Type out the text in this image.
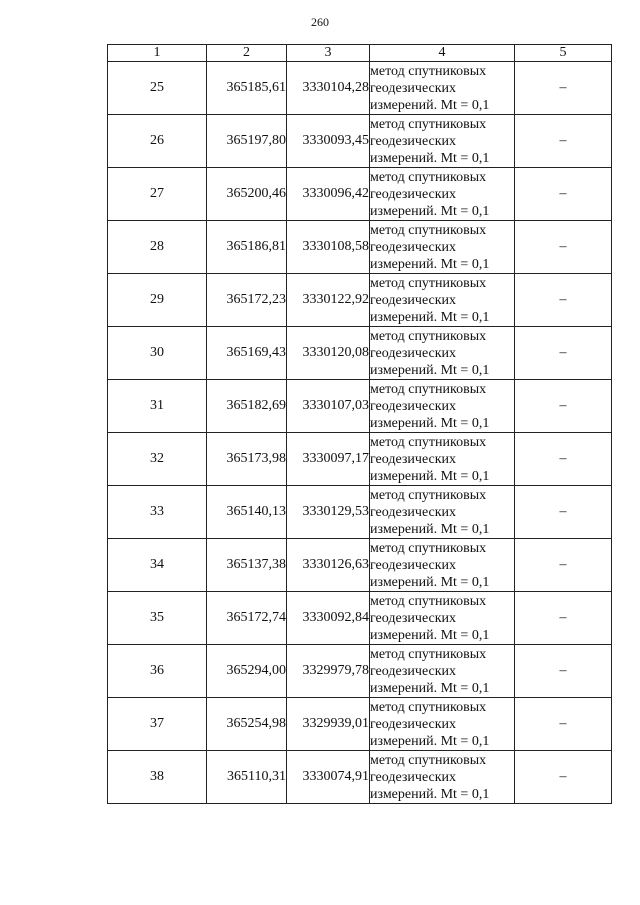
260
1	2	3	4	5
25	365185,61	3330104,28	метод спутниковых
геодезических
измерений. Mt = 0,1	–
26	365197,80	3330093,45	метод спутниковых
геодезических
измерений. Mt = 0,1	–
27	365200,46	3330096,42	метод спутниковых
геодезических
измерений. Mt = 0,1	–
28	365186,81	3330108,58	метод спутниковых
геодезических
измерений. Mt = 0,1	–
29	365172,23	3330122,92	метод спутниковых
геодезических
измерений. Mt = 0,1	–
30	365169,43	3330120,08	метод спутниковых
геодезических
измерений. Mt = 0,1	–
31	365182,69	3330107,03	метод спутниковых
геодезических
измерений. Mt = 0,1	–
32	365173,98	3330097,17	метод спутниковых
геодезических
измерений. Mt = 0,1	–
33	365140,13	3330129,53	метод спутниковых
геодезических
измерений. Mt = 0,1	–
34	365137,38	3330126,63	метод спутниковых
геодезических
измерений. Mt = 0,1	–
35	365172,74	3330092,84	метод спутниковых
геодезических
измерений. Mt = 0,1	–
36	365294,00	3329979,78	метод спутниковых
геодезических
измерений. Mt = 0,1	–
37	365254,98	3329939,01	метод спутниковых
геодезических
измерений. Mt = 0,1	–
38	365110,31	3330074,91	метод спутниковых
геодезических
измерений. Mt = 0,1	–
